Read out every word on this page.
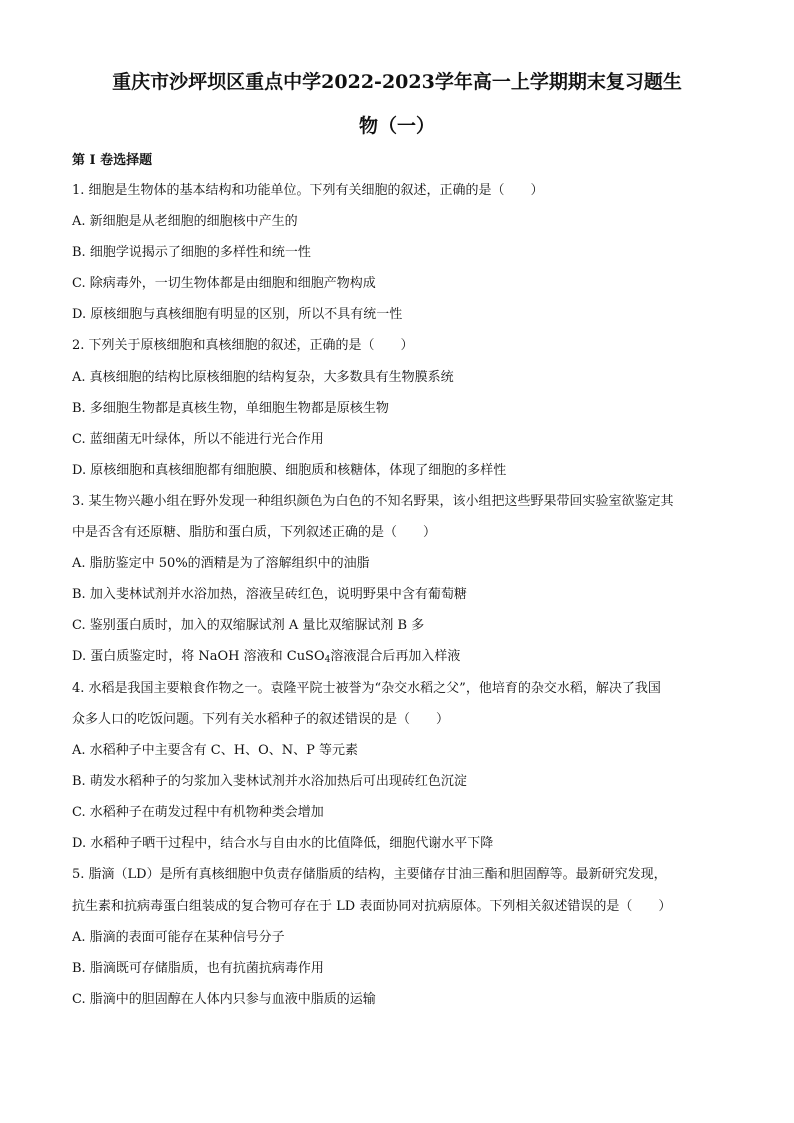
重庆市沙坪坝区重点中学2022-2023学年高一上学期期末复习题生
物（一）
第 I 卷选择题
1. 细胞是生物体的基本结构和功能单位。下列有关细胞的叙述，正确的是（　　）
A. 新细胞是从老细胞的细胞核中产生的
B. 细胞学说揭示了细胞的多样性和统一性
C. 除病毒外，一切生物体都是由细胞和细胞产物构成
D. 原核细胞与真核细胞有明显的区别，所以不具有统一性
2. 下列关于原核细胞和真核细胞的叙述，正确的是（　　）
A. 真核细胞的结构比原核细胞的结构复杂，大多数具有生物膜系统
B. 多细胞生物都是真核生物，单细胞生物都是原核生物
C. 蓝细菌无叶绿体，所以不能进行光合作用
D. 原核细胞和真核细胞都有细胞膜、细胞质和核糖体，体现了细胞的多样性
3. 某生物兴趣小组在野外发现一种组织颜色为白色的不知名野果，该小组把这些野果带回实验室欲鉴定其
中是否含有还原糖、脂肪和蛋白质，下列叙述正确的是（　　）
A. 脂肪鉴定中 50%的酒精是为了溶解组织中的油脂
B. 加入斐林试剂并水浴加热，溶液呈砖红色，说明野果中含有葡萄糖
C. 鉴别蛋白质时，加入的双缩脲试剂 A 量比双缩脲试剂 B 多
D. 蛋白质鉴定时，将 NaOH 溶液和 CuSO$_4$溶液混合后再加入样液
4. 水稻是我国主要粮食作物之一。袁隆平院士被誉为“杂交水稻之父”，他培育的杂交水稻，解决了我国
众多人口的吃饭问题。下列有关水稻种子的叙述错误的是（　　）
A. 水稻种子中主要含有 C、H、O、N、P 等元素
B. 萌发水稻种子的匀浆加入斐林试剂并水浴加热后可出现砖红色沉淀
C. 水稻种子在萌发过程中有机物种类会增加
D. 水稻种子晒干过程中，结合水与自由水的比值降低，细胞代谢水平下降
5. 脂滴（LD）是所有真核细胞中负责存储脂质的结构，主要储存甘油三酯和胆固醇等。最新研究发现，
抗生素和抗病毒蛋白组装成的复合物可存在于 LD 表面协同对抗病原体。下列相关叙述错误的是（　　）
A. 脂滴的表面可能存在某种信号分子
B. 脂滴既可存储脂质，也有抗菌抗病毒作用
C. 脂滴中的胆固醇在人体内只参与血液中脂质的运输
